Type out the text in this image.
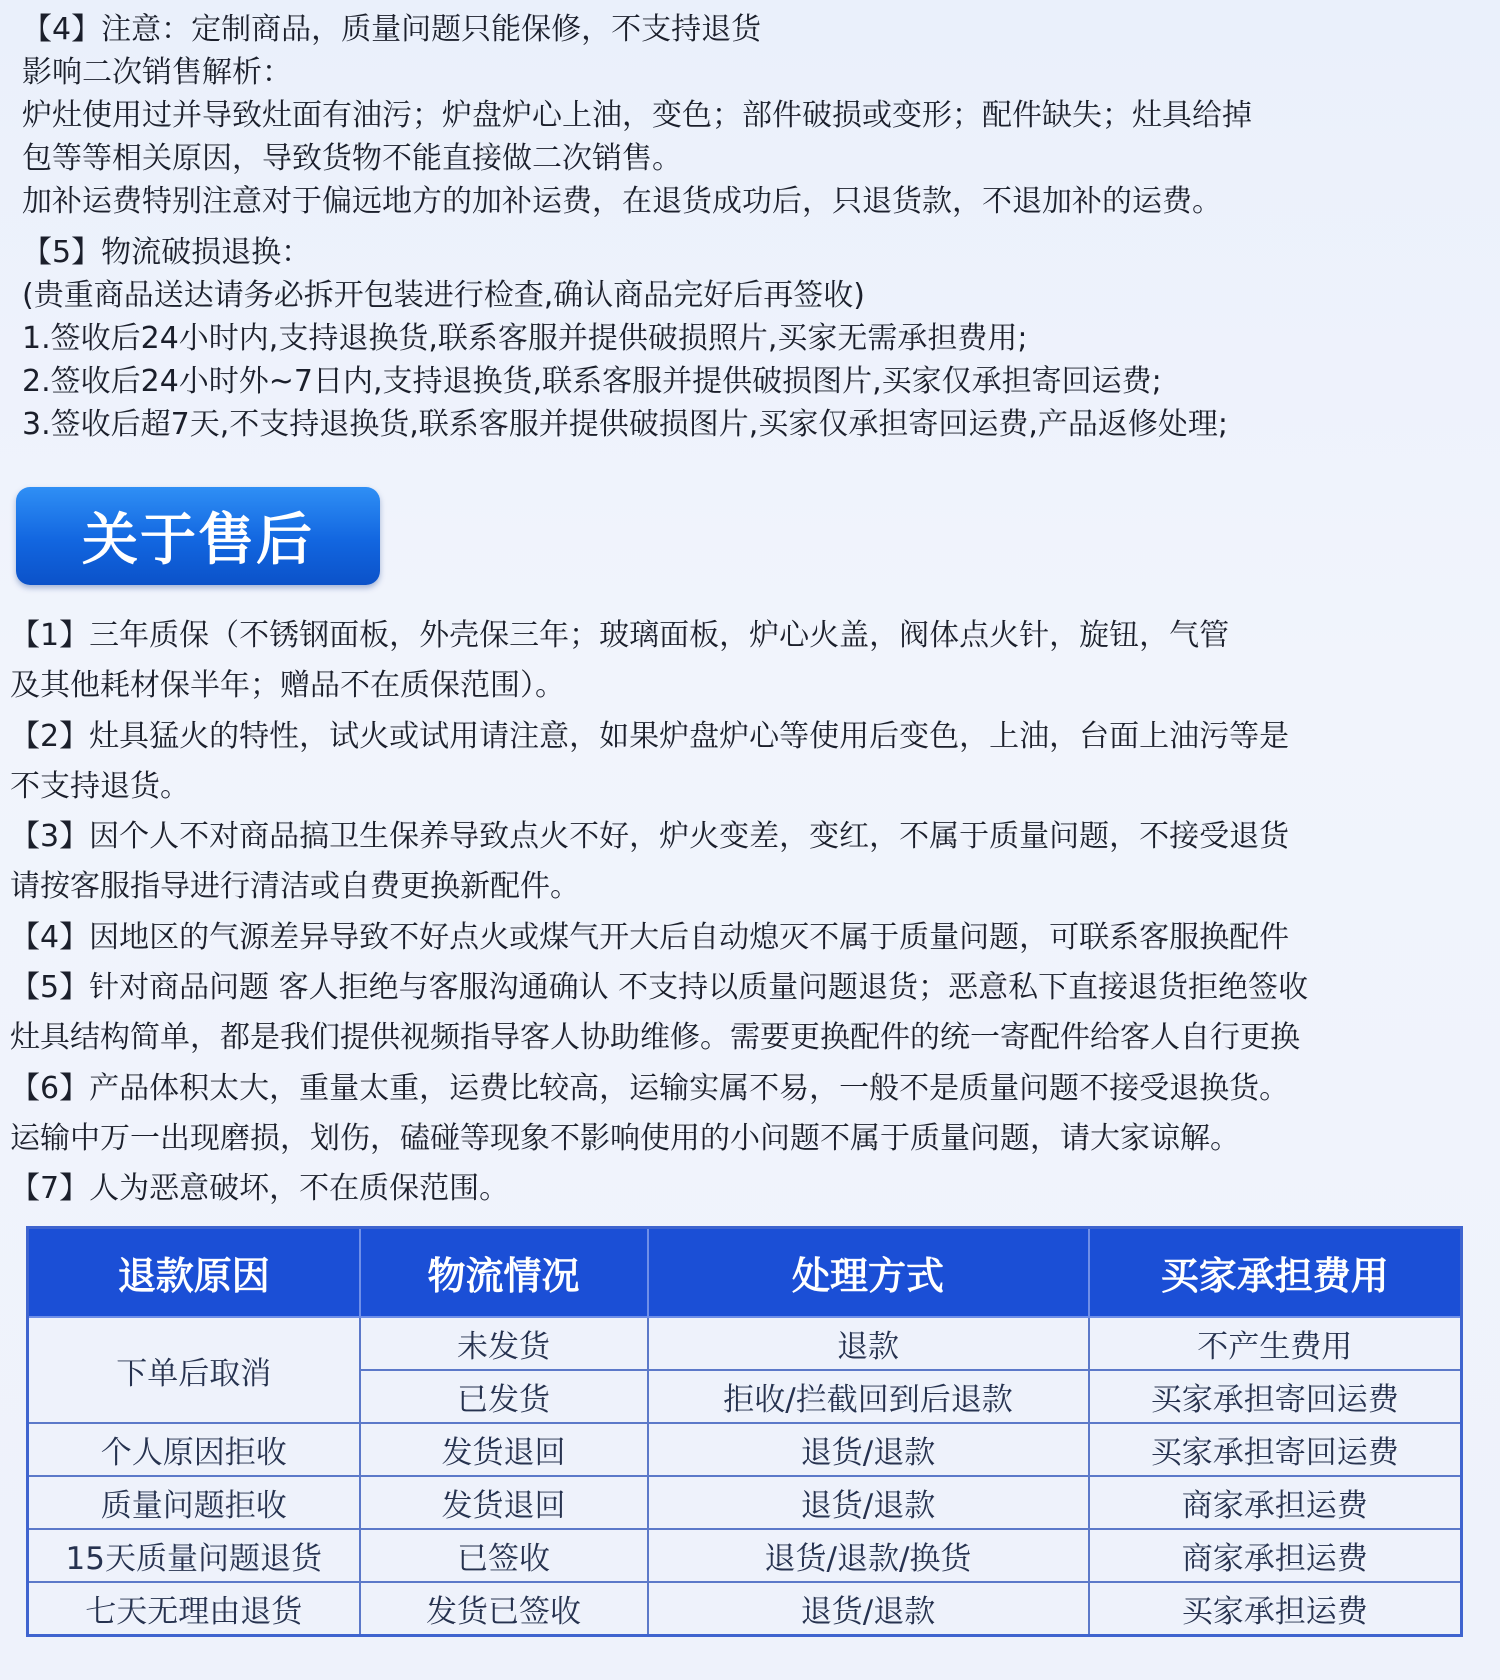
【4】注意：定制商品，质量问题只能保修，不支持退货
影响二次销售解析：
炉灶使用过并导致灶面有油污；炉盘炉心上油，变色；部件破损或变形；配件缺失；灶具给掉
包等等相关原因，导致货物不能直接做二次销售。
加补运费特别注意对于偏远地方的加补运费，在退货成功后，只退货款，不退加补的运费。
【5】物流破损退换：
(贵重商品送达请务必拆开包装进行检查,确认商品完好后再签收)
1.签收后24小时内,支持退换货,联系客服并提供破损照片,买家无需承担费用;
2.签收后24小时外~7日内,支持退换货,联系客服并提供破损图片,买家仅承担寄回运费;
3.签收后超7天,不支持退换货,联系客服并提供破损图片,买家仅承担寄回运费,产品返修处理;
关于售后
【1】三年质保（不锈钢面板，外壳保三年；玻璃面板，炉心火盖，阀体点火针，旋钮，气管
及其他耗材保半年；赠品不在质保范围）。
【2】灶具猛火的特性，试火或试用请注意，如果炉盘炉心等使用后变色，上油，台面上油污等是
不支持退货。
【3】因个人不对商品搞卫生保养导致点火不好，炉火变差，变红，不属于质量问题，不接受退货
请按客服指导进行清洁或自费更换新配件。
【4】因地区的气源差异导致不好点火或煤气开大后自动熄灭不属于质量问题，可联系客服换配件
【5】针对商品问题 客人拒绝与客服沟通确认 不支持以质量问题退货；恶意私下直接退货拒绝签收
灶具结构简单，都是我们提供视频指导客人协助维修。需要更换配件的统一寄配件给客人自行更换
【6】产品体积太大，重量太重，运费比较高，运输实属不易，一般不是质量问题不接受退换货。
运输中万一出现磨损，划伤，磕碰等现象不影响使用的小问题不属于质量问题，请大家谅解。
【7】人为恶意破坏，不在质保范围。
退款原因	物流情况	处理方式	买家承担费用
下单后取消	未发货	退款	不产生费用
	已发货	拒收/拦截回到后退款	买家承担寄回运费
个人原因拒收	发货退回	退货/退款	买家承担寄回运费
质量问题拒收	发货退回	退货/退款	商家承担运费
15天质量问题退货	已签收	退货/退款/换货	商家承担运费
七天无理由退货	发货已签收	退货/退款	买家承担运费
